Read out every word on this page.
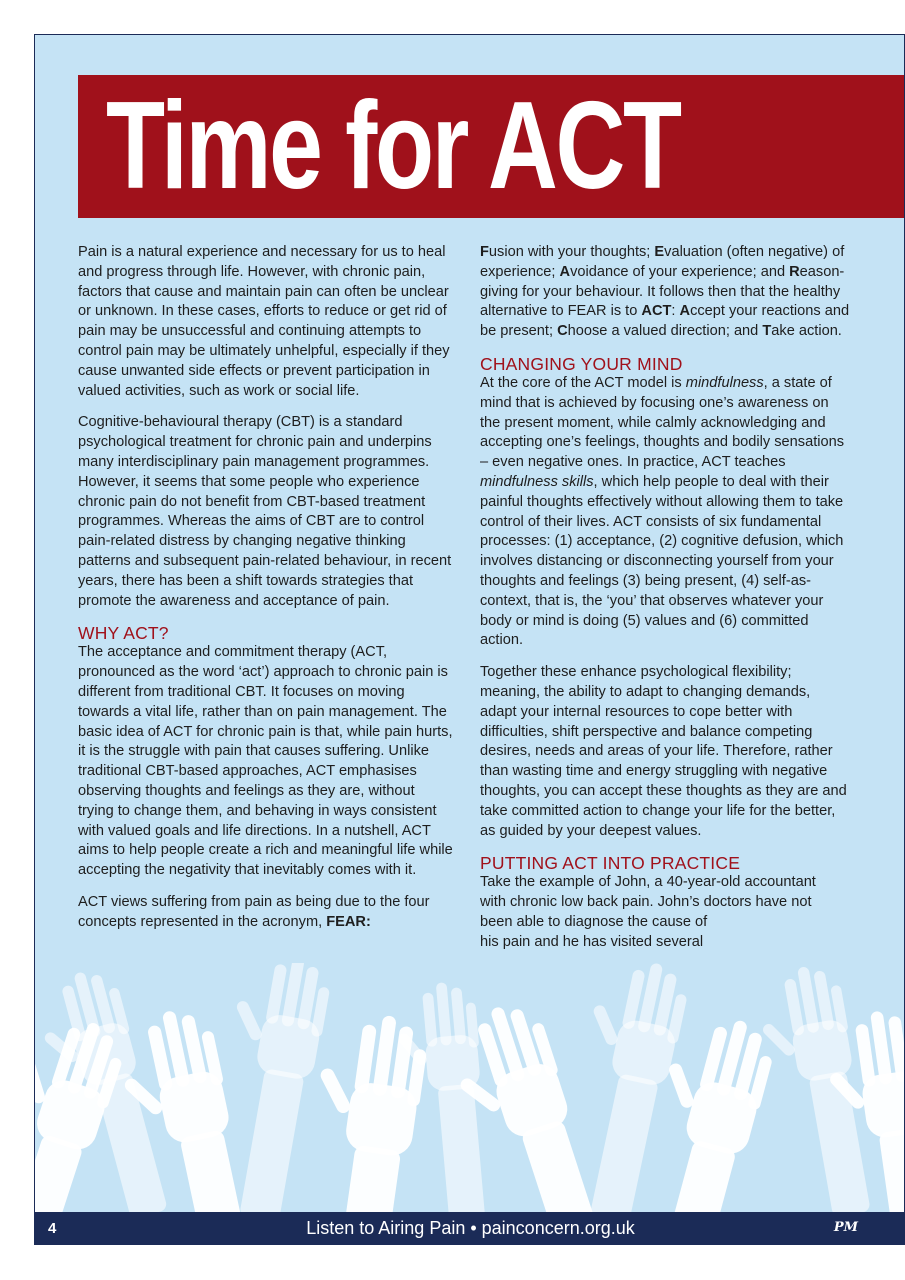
Time for ACT

Pain is a natural experience and necessary for us to heal and progress through life. However, with chronic pain, factors that cause and maintain pain can often be unclear or unknown. In these cases, efforts to reduce or get rid of pain may be unsuccessful and continuing attempts to control pain may be ultimately unhelpful, especially if they cause unwanted side effects or prevent participation in valued activities, such as work or social life.

Cognitive-behavioural therapy (CBT) is a standard psychological treatment for chronic pain and underpins many interdisciplinary pain management programmes. However, it seems that some people who experience chronic pain do not benefit from CBT-based treatment programmes. Whereas the aims of CBT are to control pain-related distress by changing negative thinking patterns and subsequent pain-related behaviour, in recent years, there has been a shift towards strategies that promote the awareness and acceptance of pain.

WHY ACT?

The acceptance and commitment therapy (ACT, pronounced as the word ‘act’) approach to chronic pain is different from traditional CBT. It focuses on moving towards a vital life, rather than on pain management. The basic idea of ACT for chronic pain is that, while pain hurts, it is the struggle with pain that causes suffering. Unlike traditional CBT-based approaches, ACT emphasises observing thoughts and feelings as they are, without trying to change them, and behaving in ways consistent with valued goals and life directions. In a nutshell, ACT aims to help people create a rich and meaningful life while accepting the negativity that inevitably comes with it.

ACT views suffering from pain as being due to the four concepts represented in the acronym, FEAR:

Fusion with your thoughts; Evaluation (often negative) of experience; Avoidance of your experience; and Reason-giving for your behaviour. It follows then that the healthy alternative to FEAR is to ACT: Accept your reactions and be present; Choose a valued direction; and Take action.

CHANGING YOUR MIND

At the core of the ACT model is mindfulness, a state of mind that is achieved by focusing one’s awareness on the present moment, while calmly acknowledging and accepting one’s feelings, thoughts and bodily sensations – even negative ones. In practice, ACT teaches mindfulness skills, which help people to deal with their painful thoughts effectively without allowing them to take control of their lives. ACT consists of six fundamental processes: (1) acceptance, (2) cognitive defusion, which involves distancing or disconnecting yourself from your thoughts and feelings (3) being present, (4) self-as-context, that is, the ‘you’ that observes whatever your body or mind is doing (5) values and (6) committed action.

Together these enhance psychological flexibility; meaning, the ability to adapt to changing demands, adapt your internal resources to cope better with difficulties, shift perspective and balance competing desires, needs and areas of your life. Therefore, rather than wasting time and energy struggling with negative thoughts, you can accept these thoughts as they are and take committed action to change your life for the better, as guided by your deepest values.

PUTTING ACT INTO PRACTICE

Take the example of John, a 40-year-old accountant
with chronic low back pain. John’s doctors have not
been able to diagnose the cause of
his pain and he has visited several

4	Listen to Airing Pain • painconcern.org.uk	PM
